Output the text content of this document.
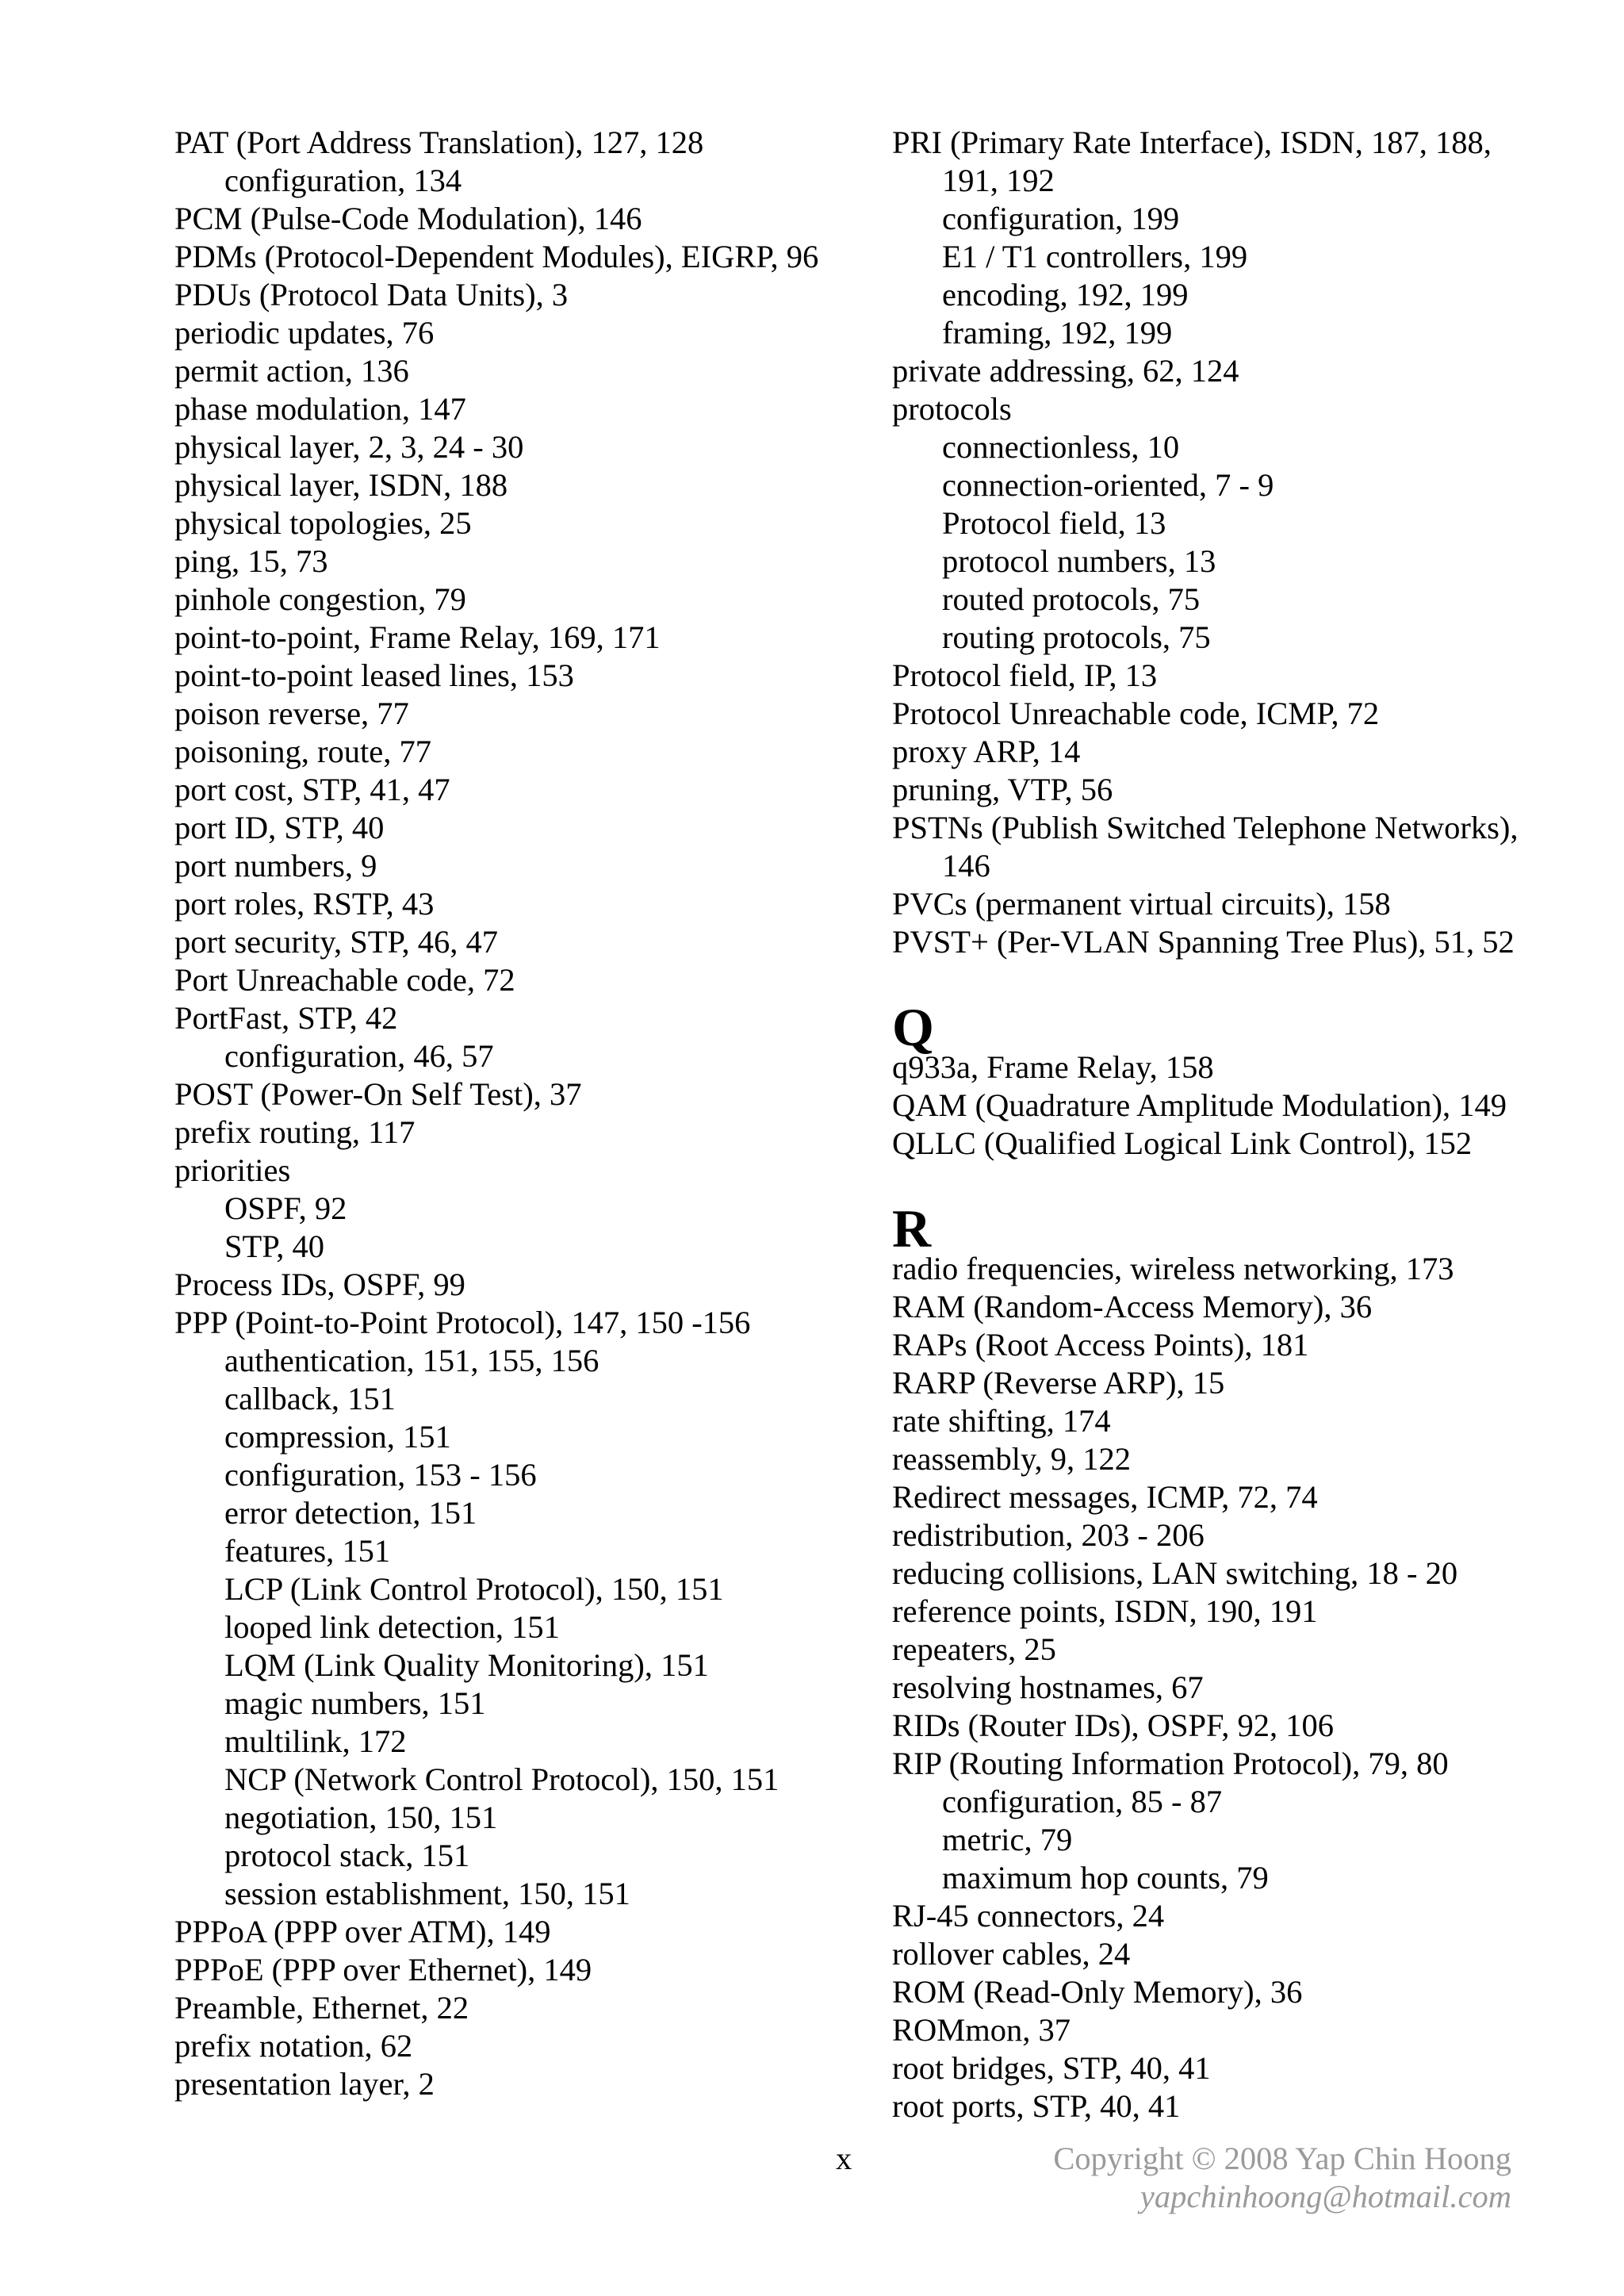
PAT (Port Address Translation), 127, 128
configuration, 134
PCM (Pulse-Code Modulation), 146
PDMs (Protocol-Dependent Modules), EIGRP, 96
PDUs (Protocol Data Units), 3
periodic updates, 76
permit action, 136
phase modulation, 147
physical layer, 2, 3, 24 - 30
physical layer, ISDN, 188
physical topologies, 25
ping, 15, 73
pinhole congestion, 79
point-to-point, Frame Relay, 169, 171
point-to-point leased lines, 153
poison reverse, 77
poisoning, route, 77
port cost, STP, 41, 47
port ID, STP, 40
port numbers, 9
port roles, RSTP, 43
port security, STP, 46, 47
Port Unreachable code, 72
PortFast, STP, 42
configuration, 46, 57
POST (Power-On Self Test), 37
prefix routing, 117
priorities
OSPF, 92
STP, 40
Process IDs, OSPF, 99
PPP (Point-to-Point Protocol), 147, 150 -156
authentication, 151, 155, 156
callback, 151
compression, 151
configuration, 153 - 156
error detection, 151
features, 151
LCP (Link Control Protocol), 150, 151
looped link detection, 151
LQM (Link Quality Monitoring), 151
magic numbers, 151
multilink, 172
NCP (Network Control Protocol), 150, 151
negotiation, 150, 151
protocol stack, 151
session establishment, 150, 151
PPPoA (PPP over ATM), 149
PPPoE (PPP over Ethernet), 149
Preamble, Ethernet, 22
prefix notation, 62
presentation layer, 2
PRI (Primary Rate Interface), ISDN, 187, 188,
191, 192
configuration, 199
E1 / T1 controllers, 199
encoding, 192, 199
framing, 192, 199
private addressing, 62, 124
protocols
connectionless, 10
connection-oriented, 7 - 9
Protocol field, 13
protocol numbers, 13
routed protocols, 75
routing protocols, 75
Protocol field, IP, 13
Protocol Unreachable code, ICMP, 72
proxy ARP, 14
pruning, VTP, 56
PSTNs (Publish Switched Telephone Networks),
146
PVCs (permanent virtual circuits), 158
PVST+ (Per-VLAN Spanning Tree Plus), 51, 52
Q
q933a, Frame Relay, 158
QAM (Quadrature Amplitude Modulation), 149
QLLC (Qualified Logical Link Control), 152
R
radio frequencies, wireless networking, 173
RAM (Random-Access Memory), 36
RAPs (Root Access Points), 181
RARP (Reverse ARP), 15
rate shifting, 174
reassembly, 9, 122
Redirect messages, ICMP, 72, 74
redistribution, 203 - 206
reducing collisions, LAN switching, 18 - 20
reference points, ISDN, 190, 191
repeaters, 25
resolving hostnames, 67
RIDs (Router IDs), OSPF, 92, 106
RIP (Routing Information Protocol), 79, 80
configuration, 85 - 87
metric, 79
maximum hop counts, 79
RJ-45 connectors, 24
rollover cables, 24
ROM (Read-Only Memory), 36
ROMmon, 37
root bridges, STP, 40, 41
root ports, STP, 40, 41
x	Copyright © 2008 Yap Chin Hoong
yapchinhoong@hotmail.com
